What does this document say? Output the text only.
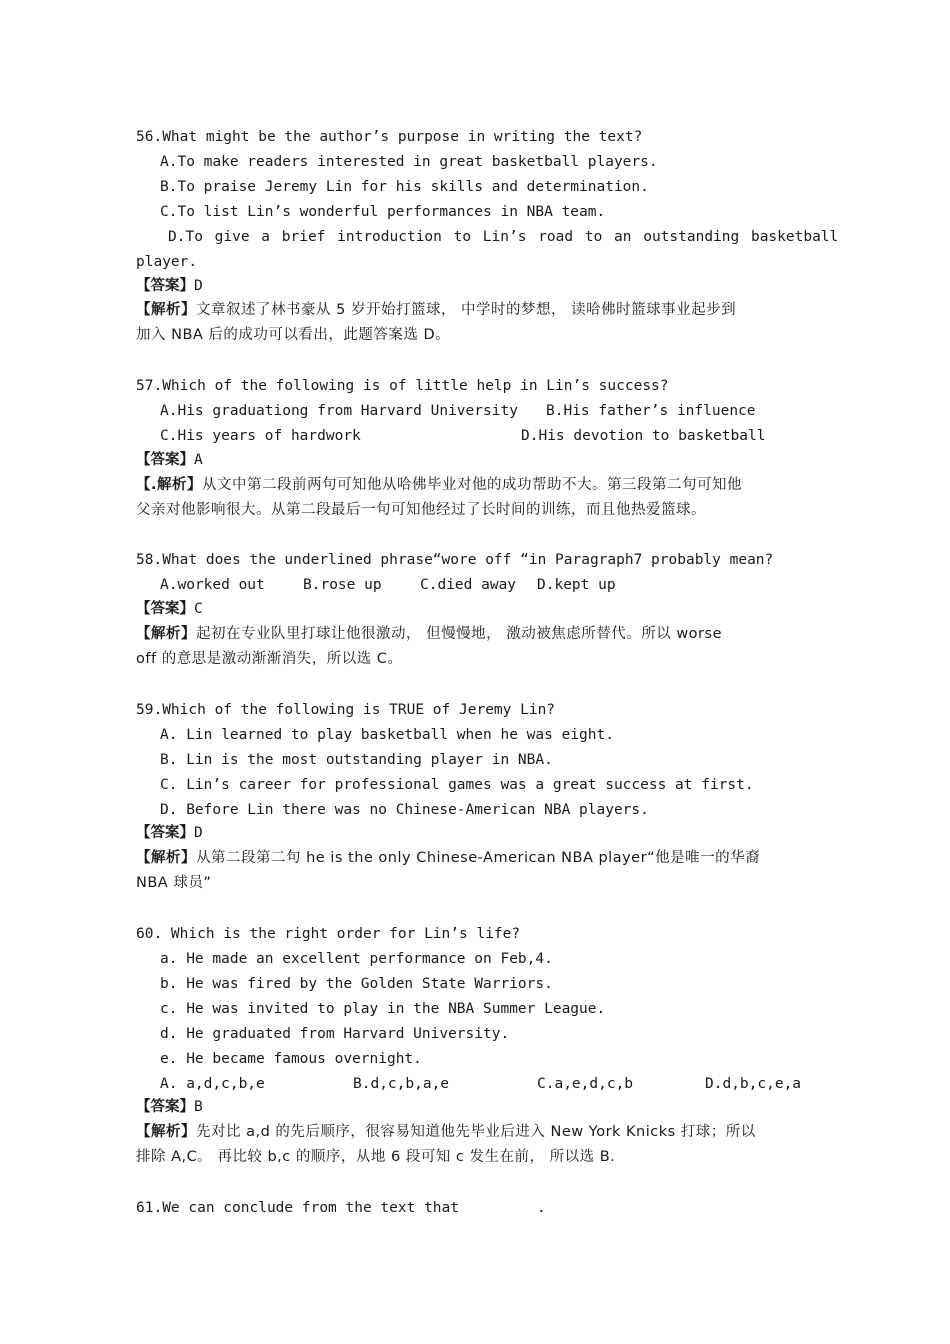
56.What might be the author’s purpose in writing the text?
A.To make readers interested in great basketball players.
B.To praise Jeremy Lin for his skills and determination.
C.To list Lin’s wonderful performances in NBA team.
D.To give a brief introduction to Lin’s road to an outstanding basketball
player.
【答案】D
【解析】文章叙述了林书豪从 5 岁开始打篮球， 中学时的梦想， 读哈佛时篮球事业起步到
加入 NBA 后的成功可以看出，此题答案选 D。
57.Which of the following is of little help in Lin’s success?
A.His graduationg from Harvard University B.His father’s influence
C.His years of hardwork	D.His devotion to basketball
【答案】A
【.解析】从文中第二段前两句可知他从哈佛毕业对他的成功帮助不大。第三段第二句可知他
父亲对他影响很大。从第二段最后一句可知他经过了长时间的训练，而且他热爱篮球。
58.What does the underlined phrase“wore off “in Paragraph7 probably mean?
A.worked out	B.rose up	C.died away D.kept up
【答案】C
【解析】起初在专业队里打球让他很激动， 但慢慢地， 激动被焦虑所替代。所以 worse
off 的意思是激动渐渐消失，所以选 C。
59.Which of the following is TRUE of Jeremy Lin?
A. Lin learned to play basketball when he was eight.
B. Lin is the most outstanding player in NBA.
C. Lin’s career for professional games was a great success at first.
D. Before Lin there was no Chinese-American NBA players.
【答案】D
【解析】从第二段第二句 he is the only Chinese-American NBA player“他是唯一的华裔
NBA 球员”
60. Which is the right order for Lin’s life?
a. He made an excellent performance on Feb,4.
b. He was fired by the Golden State Warriors.
c. He was invited to play in the NBA Summer League.
d. He graduated from Harvard University.
e. He became famous overnight.
A. a,d,c,b,e	B.d,c,b,a,e	C.a,e,d,c,b	D.d,b,c,e,a
【答案】B
【解析】先对比 a,d 的先后顺序，很容易知道他先毕业后进入 New York Knicks 打球；所以
排除 A,C。 再比较 b,c 的顺序，从地 6 段可知 c 发生在前， 所以选 B.
61.We can conclude from the text that	.
